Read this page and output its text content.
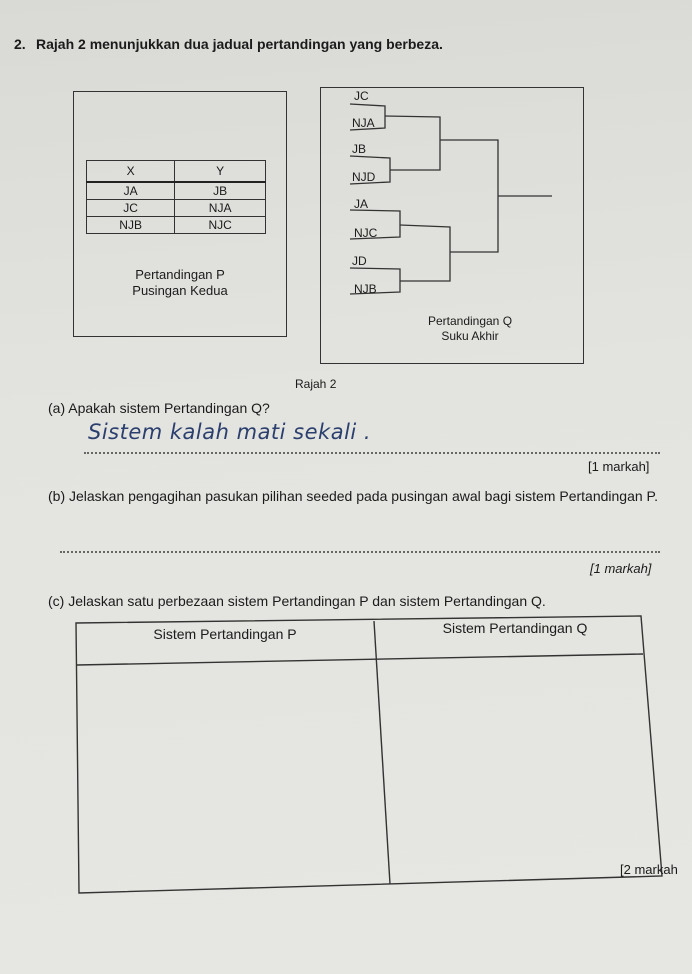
2. Rajah 2 menunjukkan dua jadual pertandingan yang berbeza.
X	Y
JA	JB
JC	NJA
NJB	NJC
Pertandingan P
Pusingan Kedua
JC
NJA
JB
NJD
JA
NJC
JD
NJB
Pertandingan Q
Suku Akhir
Rajah 2
(a) Apakah sistem Pertandingan Q?
Sistem kalah mati sekali .
[1 markah]
(b) Jelaskan pengagihan pasukan pilihan seeded pada pusingan awal bagi sistem Pertandingan P.
[1 markah]
(c) Jelaskan satu perbezaan sistem Pertandingan P dan sistem Pertandingan Q.
Sistem Pertandingan P	Sistem Pertandingan Q
[2 markah
